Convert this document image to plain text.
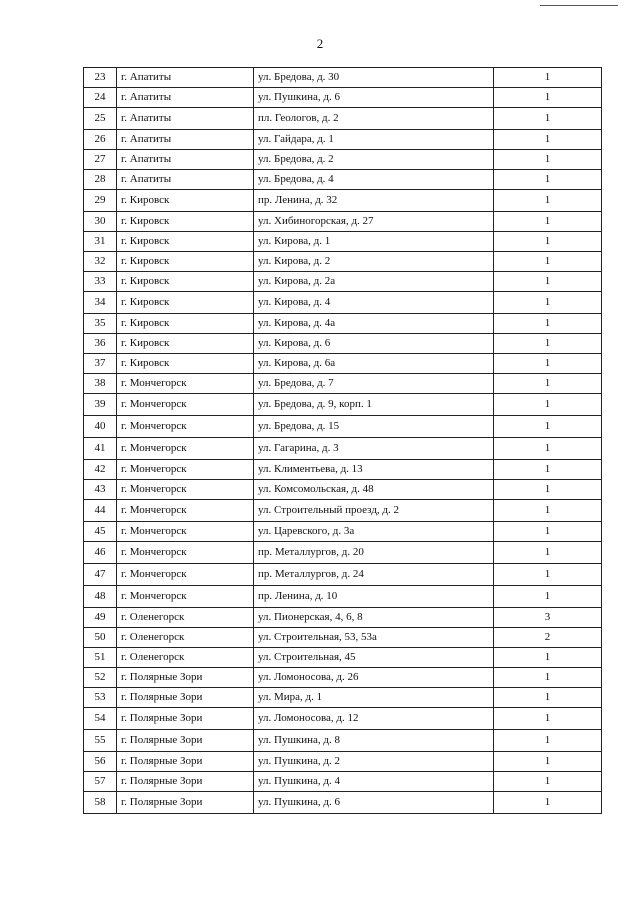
2
23	г. Апатиты	ул. Бредова, д. 30	1
24	г. Апатиты	ул. Пушкина, д. 6	1
25	г. Апатиты	пл. Геологов, д. 2	1
26	г. Апатиты	ул. Гайдара, д. 1	1
27	г. Апатиты	ул. Бредова, д. 2	1
28	г. Апатиты	ул. Бредова, д. 4	1
29	г. Кировск	пр. Ленина, д. 32	1
30	г. Кировск	ул. Хибиногорская, д. 27	1
31	г. Кировск	ул. Кирова, д. 1	1
32	г. Кировск	ул. Кирова, д. 2	1
33	г. Кировск	ул. Кирова, д. 2а	1
34	г. Кировск	ул. Кирова, д. 4	1
35	г. Кировск	ул. Кирова, д. 4а	1
36	г. Кировск	ул. Кирова, д. 6	1
37	г. Кировск	ул. Кирова, д. 6а	1
38	г. Мончегорск	ул. Бредова, д. 7	1
39	г. Мончегорск	ул. Бредова, д. 9, корп. 1	1
40	г. Мончегорск	ул. Бредова, д. 15	1
41	г. Мончегорск	ул. Гагарина, д. 3	1
42	г. Мончегорск	ул. Климентьева, д. 13	1
43	г. Мончегорск	ул. Комсомольская, д. 48	1
44	г. Мончегорск	ул. Строительный проезд, д. 2	1
45	г. Мончегорск	ул. Царевского, д. 3а	1
46	г. Мончегорск	пр. Металлургов, д. 20	1
47	г. Мончегорск	пр. Металлургов, д. 24	1
48	г. Мончегорск	пр. Ленина, д. 10	1
49	г. Оленегорск	ул. Пионерская, 4, 6, 8	3
50	г. Оленегорск	ул. Строительная, 53, 53а	2
51	г. Оленегорск	ул. Строительная, 45	1
52	г. Полярные Зори	ул. Ломоносова, д. 26	1
53	г. Полярные Зори	ул. Мира, д. 1	1
54	г. Полярные Зори	ул. Ломоносова, д. 12	1
55	г. Полярные Зори	ул. Пушкина, д. 8	1
56	г. Полярные Зори	ул. Пушкина, д. 2	1
57	г. Полярные Зори	ул. Пушкина, д. 4	1
58	г. Полярные Зори	ул. Пушкина, д. 6	1
